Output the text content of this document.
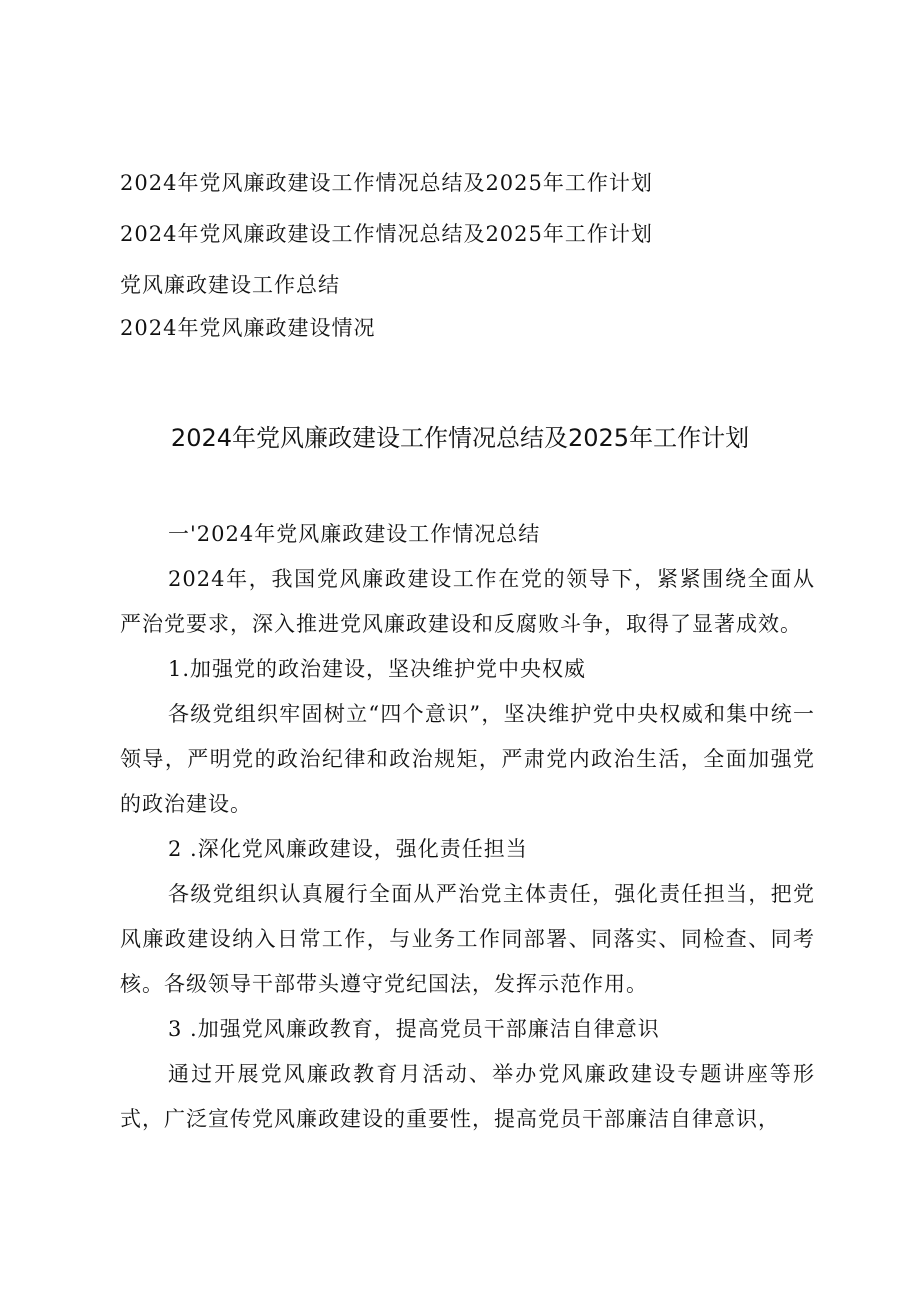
2024年党风廉政建设工作情况总结及2025年工作计划

2024年党风廉政建设工作情况总结及2025年工作计划

党风廉政建设工作总结

2024年党风廉政建设情况

2024年党风廉政建设工作情况总结及2025年工作计划

一'2024年党风廉政建设工作情况总结

2024年，我国党风廉政建设工作在党的领导下，紧紧围绕全面从严治党要求，深入推进党风廉政建设和反腐败斗争，取得了显著成效。

1.加强党的政治建设，坚决维护党中央权威

各级党组织牢固树立“四个意识”，坚决维护党中央权威和集中统一领导，严明党的政治纪律和政治规矩，严肃党内政治生活，全面加强党的政治建设。

2 .深化党风廉政建设，强化责任担当

各级党组织认真履行全面从严治党主体责任，强化责任担当，把党风廉政建设纳入日常工作，与业务工作同部署、同落实、同检查、同考核。各级领导干部带头遵守党纪国法，发挥示范作用。

3 .加强党风廉政教育，提高党员干部廉洁自律意识

通过开展党风廉政教育月活动、举办党风廉政建设专题讲座等形式，广泛宣传党风廉政建设的重要性，提高党员干部廉洁自律意识，
